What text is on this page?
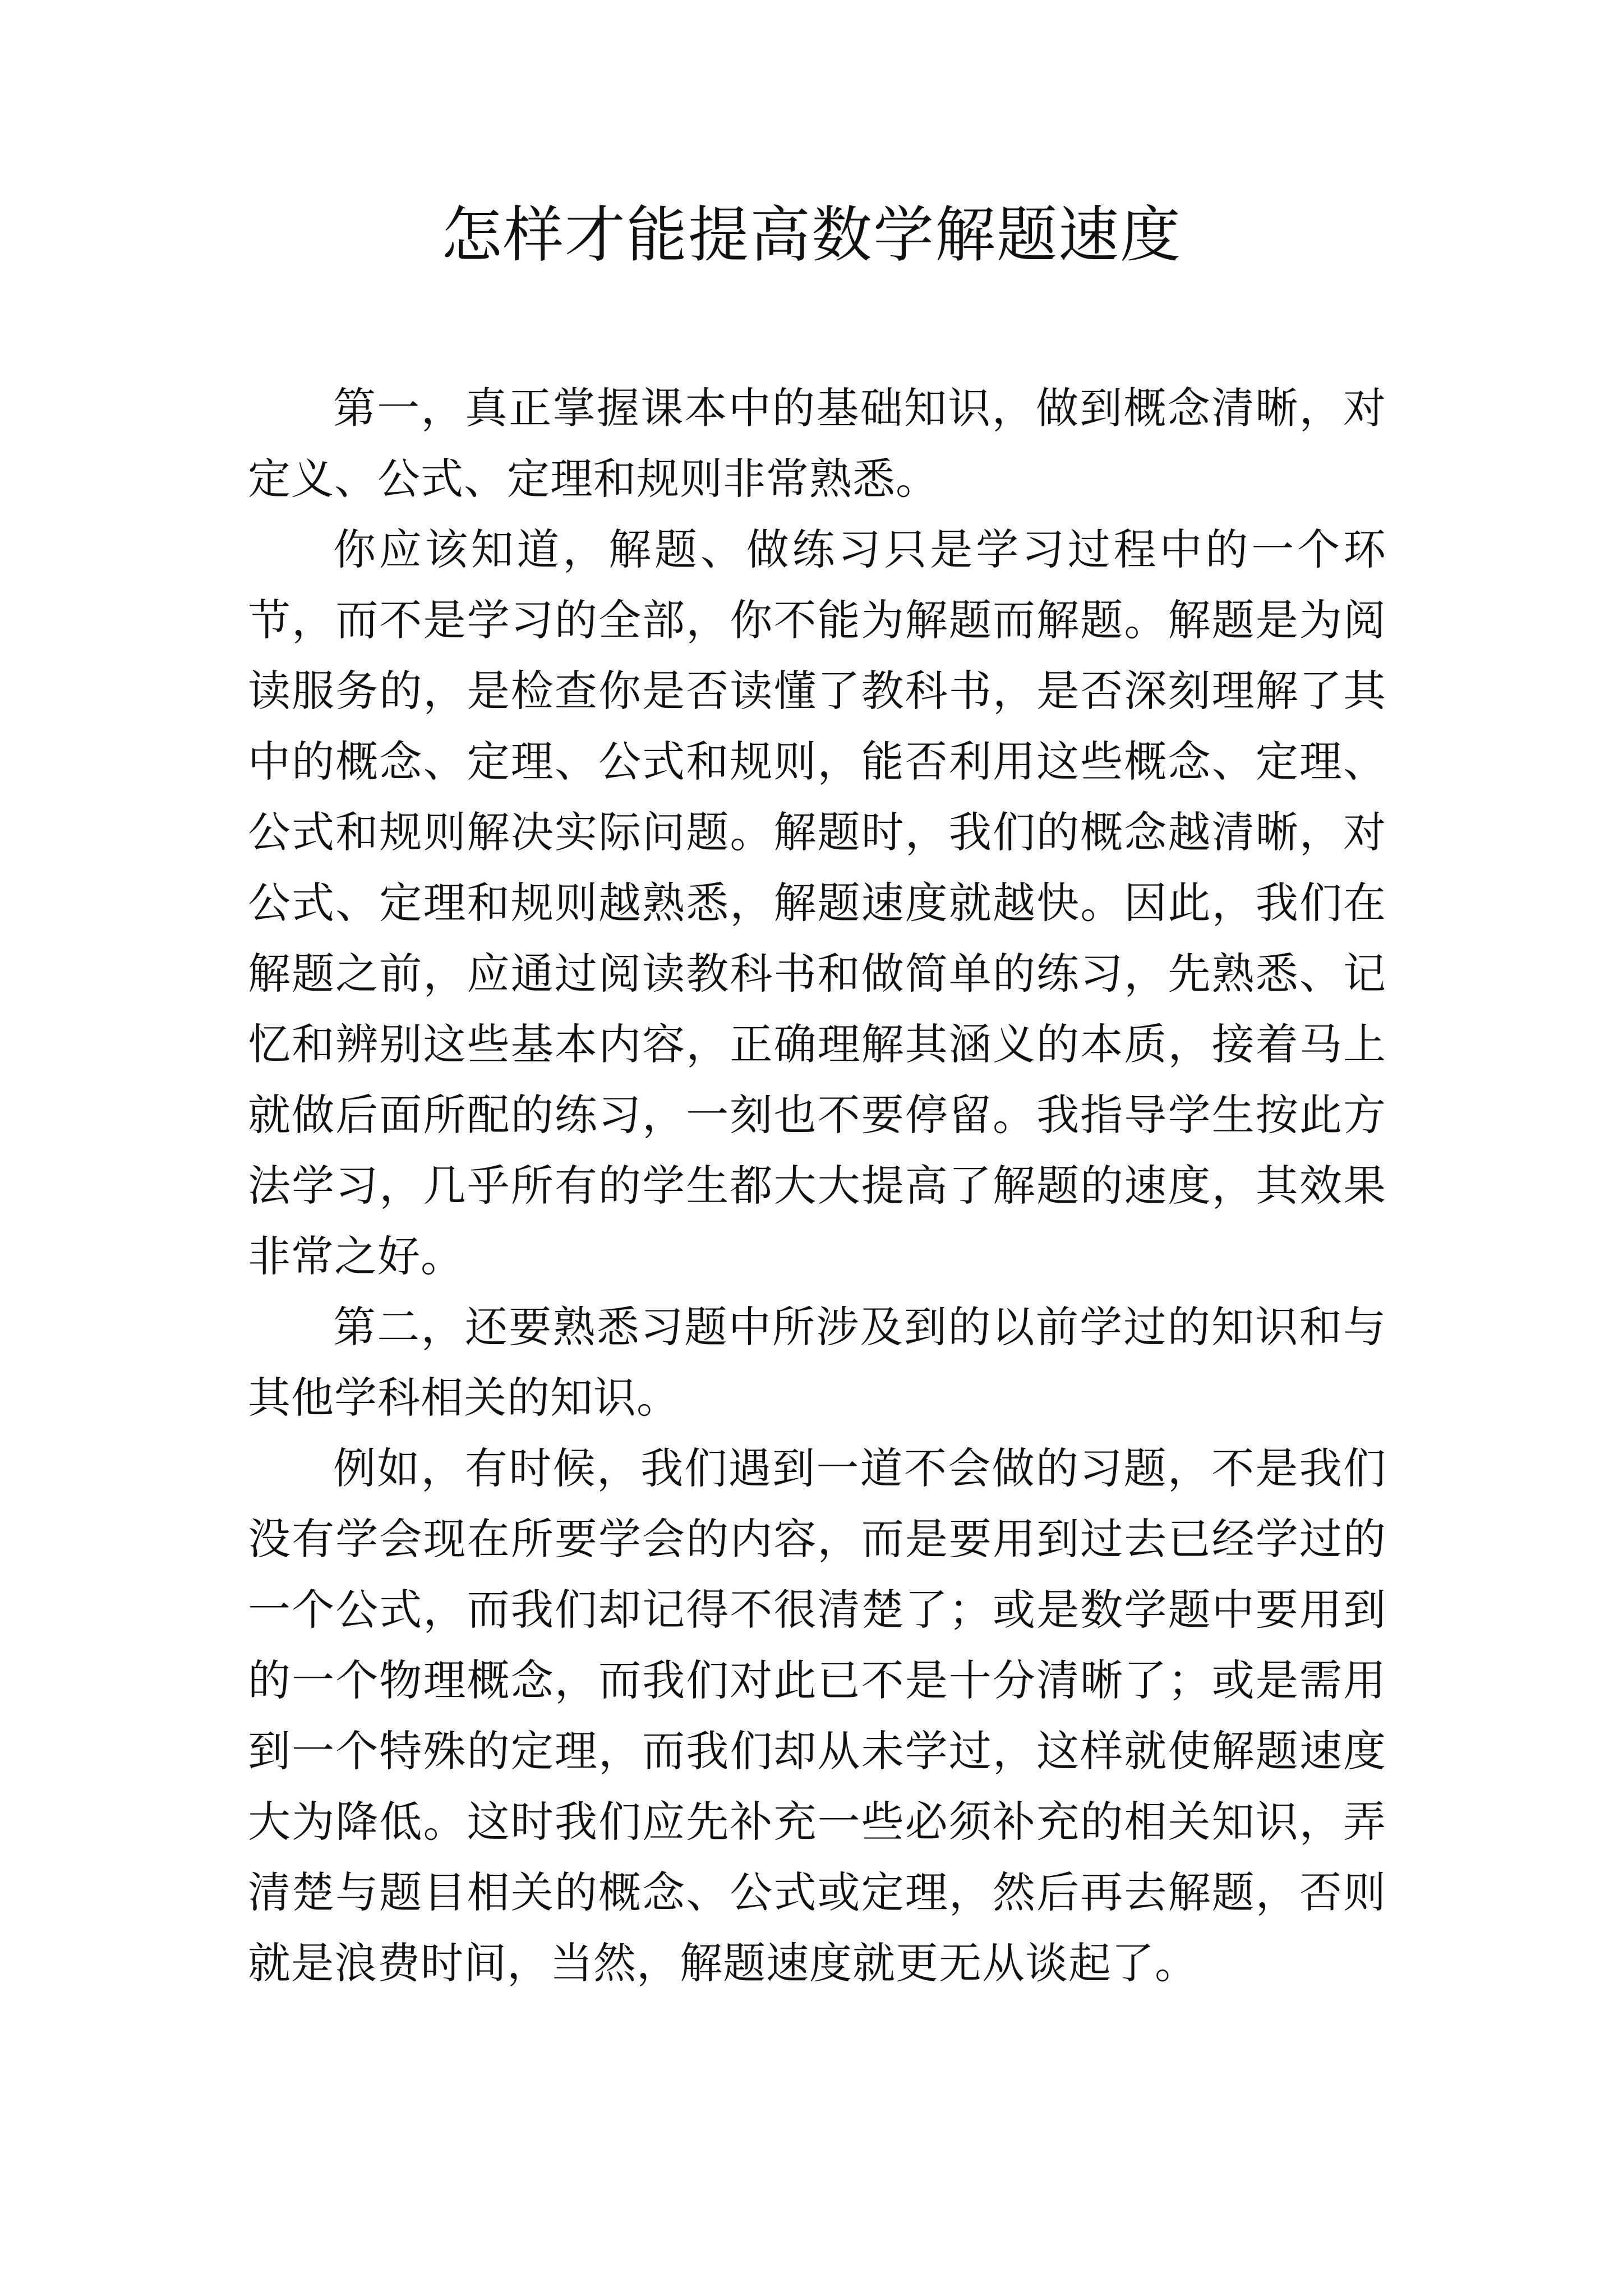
怎样才能提高数学解题速度

第一，真正掌握课本中的基础知识，做到概念清晰，对定义、公式、定理和规则非常熟悉。

你应该知道，解题、做练习只是学习过程中的一个环节，而不是学习的全部，你不能为解题而解题。解题是为阅读服务的，是检查你是否读懂了教科书，是否深刻理解了其中的概念、定理、公式和规则，能否利用这些概念、定理、公式和规则解决实际问题。解题时，我们的概念越清晰，对公式、定理和规则越熟悉，解题速度就越快。因此，我们在解题之前，应通过阅读教科书和做简单的练习，先熟悉、记忆和辨别这些基本内容，正确理解其涵义的本质，接着马上就做后面所配的练习，一刻也不要停留。我指导学生按此方法学习，几乎所有的学生都大大提高了解题的速度，其效果非常之好。

第二，还要熟悉习题中所涉及到的以前学过的知识和与其他学科相关的知识。

例如，有时候，我们遇到一道不会做的习题，不是我们没有学会现在所要学会的内容，而是要用到过去已经学过的一个公式，而我们却记得不很清楚了；或是数学题中要用到的一个物理概念，而我们对此已不是十分清晰了；或是需用到一个特殊的定理，而我们却从未学过，这样就使解题速度大为降低。这时我们应先补充一些必须补充的相关知识，弄清楚与题目相关的概念、公式或定理，然后再去解题，否则就是浪费时间，当然，解题速度就更无从谈起了。
